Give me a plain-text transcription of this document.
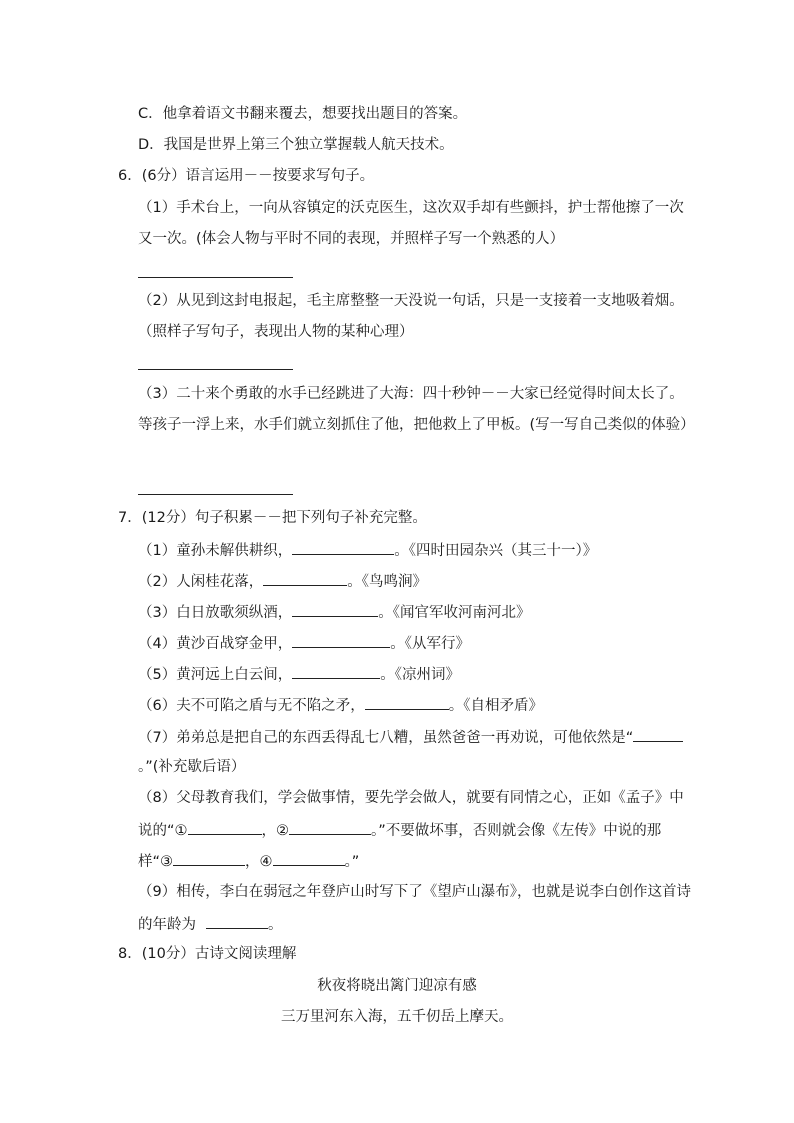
C．他拿着语文书翻来覆去，想要找出题目的答案。
D．我国是世界上第三个独立掌握载人航天技术。
6．(6分）语言运用－－按要求写句子。
（1）手术台上，一向从容镇定的沃克医生，这次双手却有些颤抖，护士帮他擦了一次
又一次。(体会人物与平时不同的表现，并照样子写一个熟悉的人）
（2）从见到这封电报起，毛主席整整一天没说一句话，只是一支接着一支地吸着烟。
（照样子写句子，表现出人物的某种心理）
（3）二十来个勇敢的水手已经跳进了大海：四十秒钟－－大家已经觉得时间太长了。
等孩子一浮上来，水手们就立刻抓住了他，把他救上了甲板。(写一写自己类似的体验）
7．(12分）句子积累－－把下列句子补充完整。
（1）童孙未解供耕织，	。《四时田园杂兴（其三十一）》
（2）人闲桂花落，	。《鸟鸣涧》
（3）白日放歌须纵酒，	。《闻官军收河南河北》
（4）黄沙百战穿金甲，	。《从军行》
（5）黄河远上白云间，	。《凉州词》
（6）夫不可陷之盾与无不陷之矛，	。《自相矛盾》
（7）弟弟总是把自己的东西丢得乱七八糟，虽然爸爸一再劝说，可他依然是“
。”(补充歇后语）
（8）父母教育我们，学会做事情，要先学会做人，就要有同情之心，正如《孟子》中
说的“①	，②	。”不要做坏事，否则就会像《左传》中说的那
样“③	，④	。”
（9）相传，李白在弱冠之年登庐山时写下了《望庐山瀑布》，也就是说李白创作这首诗
的年龄为	。
8．(10分）古诗文阅读理解
秋夜将晓出篱门迎凉有感
三万里河东入海，五千仞岳上摩天。
